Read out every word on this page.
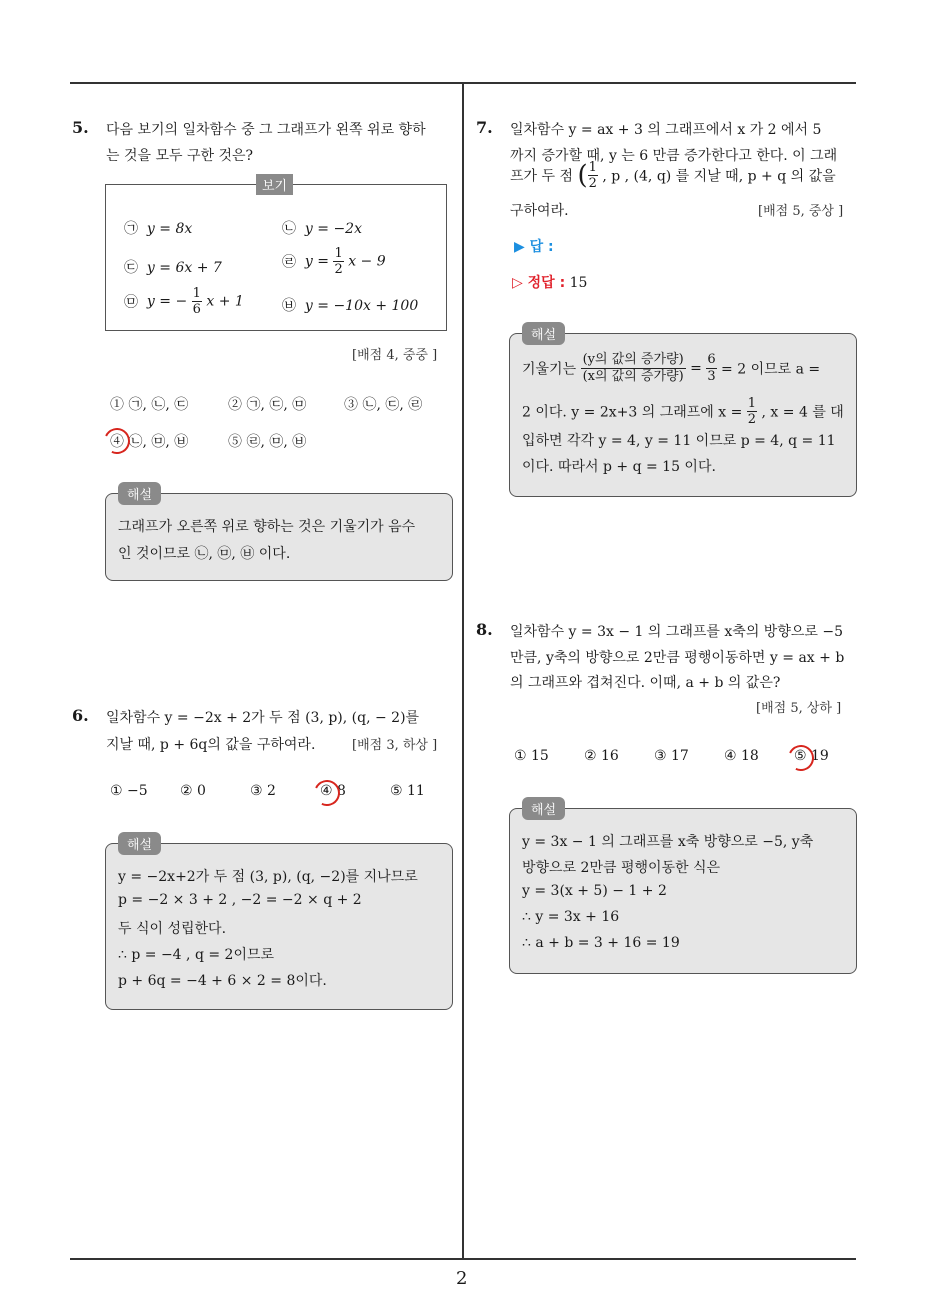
2
5. 다음 보기의 일차함수 중 그 그래프가 왼쪽 위로 향하
는 것을 모두 구한 것은?
보기
㉠ y = 8x	㉡ y = −2x
㉢ y = 6x + 7	㉣ $y = \frac{1}{2}$ x − 9
㉤ y = − $\frac{1}{6}$ x + 1	㉥ y = −10x + 100
[배점 4, 중중 ]
① ㉠, ㉡, ㉢	② ㉠, ㉢, ㉤	③ ㉡, ㉢, ㉣
④ ㉡, ㉤, ㉥	⑤ ㉣, ㉤, ㉥
해설
그래프가 오른쪽 위로 향하는 것은 기울기가 음수
인 것이므로 ㉡, ㉤, ㉥ 이다.
6. 일차함수 y = −2x + 2가 두 점 (3, p), (q, − 2)를
지날 때, p + 6q의 값을 구하여라.	[배점 3, 하상 ]
① −5 ② 0	③ 2	④ 8	⑤ 11
해설
y = −2x+2가 두 점 (3, p), (q, −2)를 지나므로
p = −2 × 3 + 2 , −2 = −2 × q + 2
두 식이 성립한다.
∴ p = −4 , q = 2이므로
p + 6q = −4 + 6 × 2 = 8이다.
7. 일차함수 y = ax + 3 의 그래프에서 x 가 2 에서 5
까지 증가할 때, y 는 6 만큼 증가한다고 한다. 이 그래
프가 두 점 ( $\frac{1}{2}$ , p , (4, q) 를 지날 때, p + q 의 값을
구하여라.	[배점 5, 중상 ]
▶ 답 :
▷ 정답 : 15
해설
기울기는
(y의 값의 증가량)
(x의 값의 증가량) = $\frac{6}{3} = 2$ 이므로 a =
2 이다. y = 2x+3 의 그래프에 $x = \frac{1}{2}$ , x = 4 를 대
입하면 각각 y = 4, y = 11 이므로 p = 4, q = 11
이다. 따라서 p + q = 15 이다.
8. 일차함수 y = 3x − 1 의 그래프를 x축의 방향으로 −5
만큼, y축의 방향으로 2만큼 평행이동하면 y = ax + b
의 그래프와 겹쳐진다. 이때, a + b 의 값은?
[배점 5, 상하 ]
① 15	② 16	③ 17	④ 18	⑤ 19
해설
y = 3x − 1 의 그래프를 x축 방향으로 −5, y축
방향으로 2만큼 평행이동한 식은
y = 3(x + 5) − 1 + 2
∴ y = 3x + 16
∴ a + b = 3 + 16 = 19
